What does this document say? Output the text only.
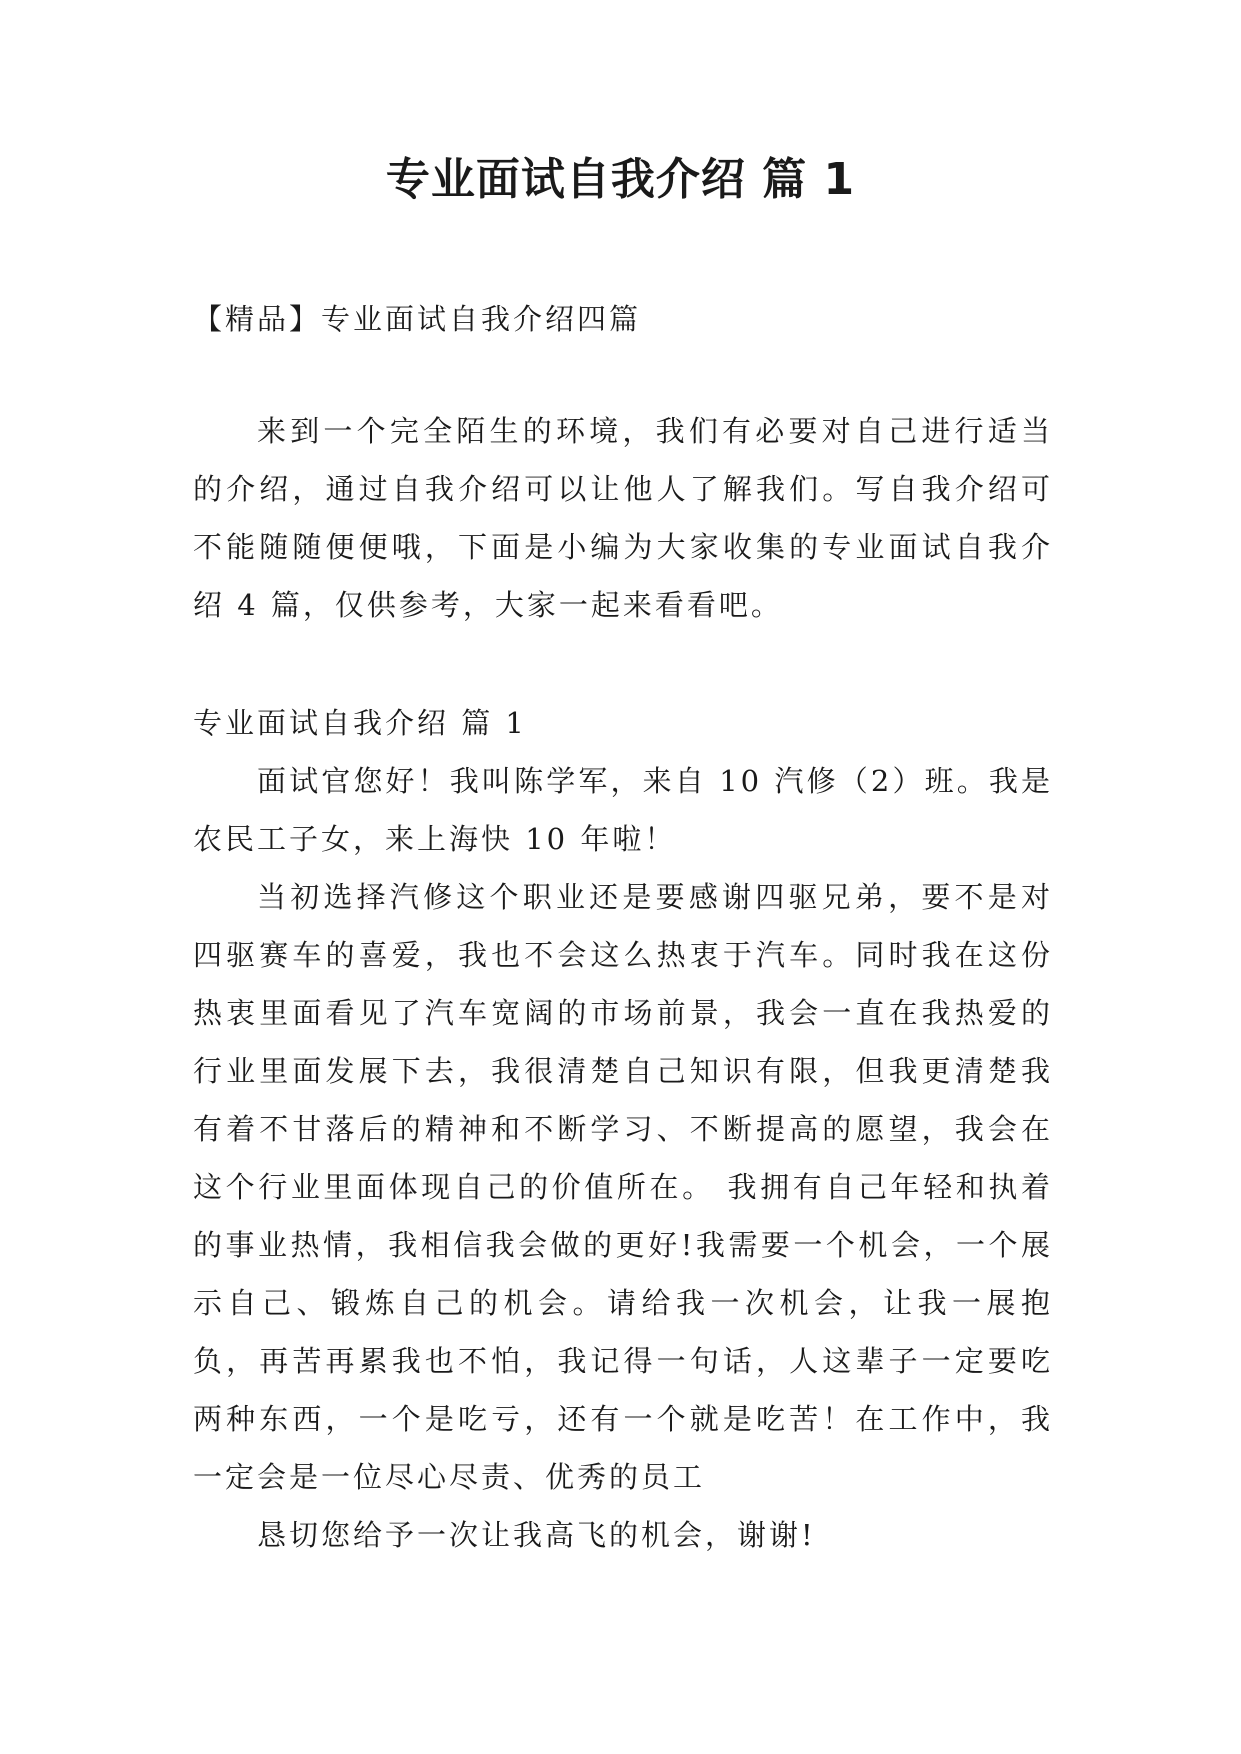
专业面试自我介绍 篇 1

【精品】专业面试自我介绍四篇

来到一个完全陌生的环境，我们有必要对自己进行适当的介绍，通过自我介绍可以让他人了解我们。写自我介绍可不能随随便便哦，下面是小编为大家收集的专业面试自我介绍 4 篇，仅供参考，大家一起来看看吧。

专业面试自我介绍 篇 1

面试官您好！我叫陈学军，来自 10 汽修（2）班。我是农民工子女，来上海快 10 年啦！

当初选择汽修这个职业还是要感谢四驱兄弟，要不是对四驱赛车的喜爱，我也不会这么热衷于汽车。同时我在这份热衷里面看见了汽车宽阔的市场前景，我会一直在我热爱的行业里面发展下去，我很清楚自己知识有限，但我更清楚我有着不甘落后的精神和不断学习、不断提高的愿望，我会在这个行业里面体现自己的价值所在。 我拥有自己年轻和执着的事业热情，我相信我会做的更好!我需要一个机会，一个展示自己、锻炼自己的机会。请给我一次机会，让我一展抱负，再苦再累我也不怕，我记得一句话，人这辈子一定要吃两种东西，一个是吃亏，还有一个就是吃苦！在工作中，我一定会是一位尽心尽责、优秀的员工

恳切您给予一次让我高飞的机会，谢谢!
